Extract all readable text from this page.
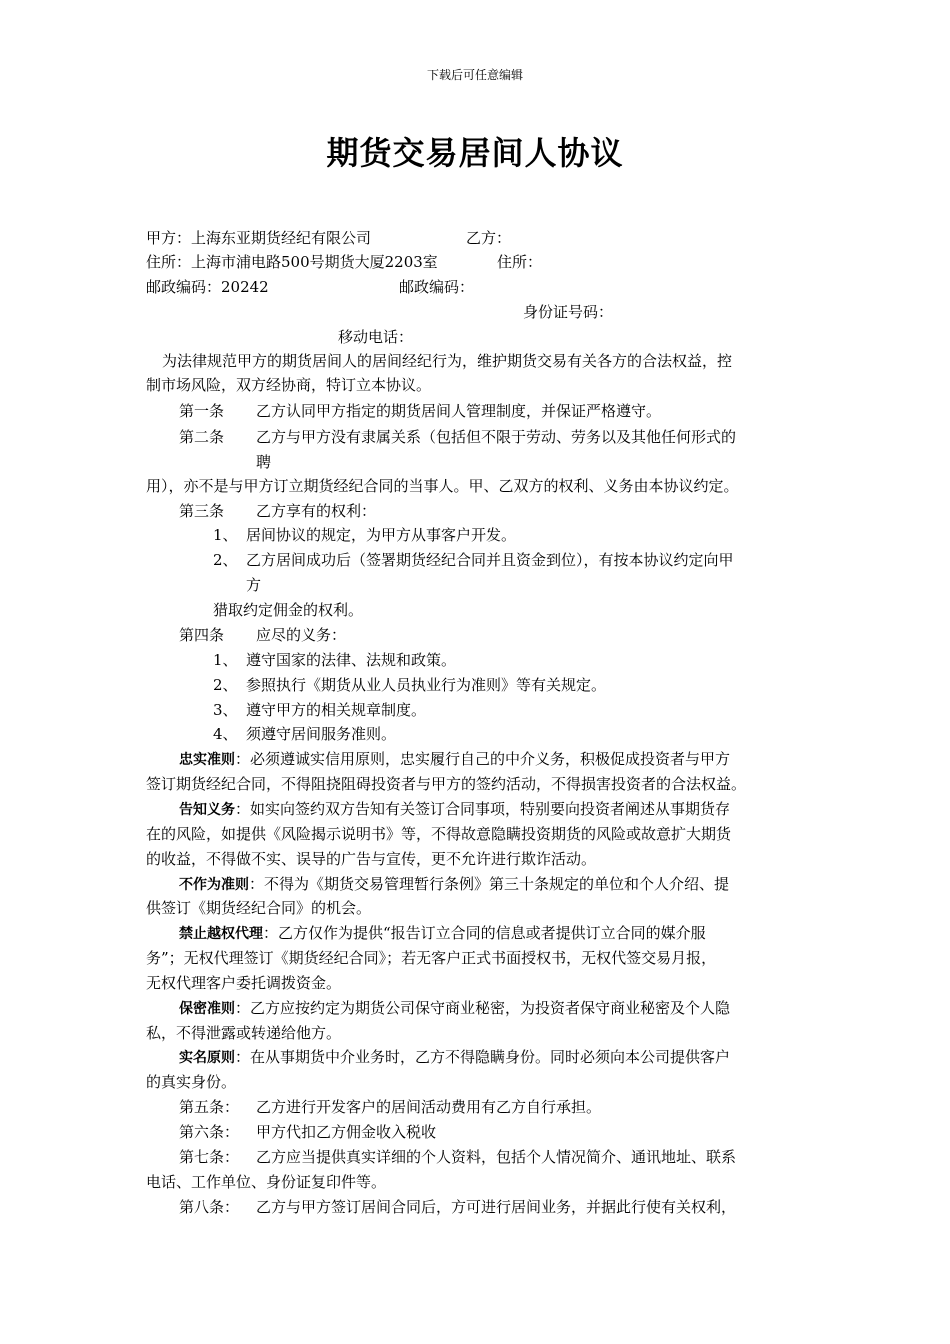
下载后可任意编辑
期货交易居间人协议
甲方：上海东亚期货经纪有限公司	乙方：
住所：上海市浦电路500号期货大厦2203室	住所：
邮政编码：20242	邮政编码：
身份证号码：
移动电话：
为法律规范甲方的期货居间人的居间经纪行为，维护期货交易有关各方的合法权益，控
制市场风险，双方经协商，特订立本协议。
第一条 乙方认同甲方指定的期货居间人管理制度，并保证严格遵守。
第二条 乙方与甲方没有隶属关系（包括但不限于劳动、劳务以及其他任何形式的
聘
用），亦不是与甲方订立期货经纪合同的当事人。甲、乙双方的权利、义务由本协议约定。
第三条 乙方享有的权利：
1、 居间协议的规定，为甲方从事客户开发。
2、 乙方居间成功后（签署期货经纪合同并且资金到位），有按本协议约定向甲
方
猎取约定佣金的权利。
第四条 应尽的义务：
1、 遵守国家的法律、法规和政策。
2、 参照执行《期货从业人员执业行为准则》等有关规定。
3、 遵守甲方的相关规章制度。
4、 须遵守居间服务准则。
忠实准则：必须遵诚实信用原则，忠实履行自己的中介义务，积极促成投资者与甲方
签订期货经纪合同，不得阻挠阻碍投资者与甲方的签约活动，不得损害投资者的合法权益。
告知义务：如实向签约双方告知有关签订合同事项，特别要向投资者阐述从事期货存
在的风险，如提供《风险揭示说明书》等，不得故意隐瞒投资期货的风险或故意扩大期货
的收益，不得做不实、误导的广告与宣传，更不允许进行欺诈活动。
不作为准则：不得为《期货交易管理暂行条例》第三十条规定的单位和个人介绍、提
供签订《期货经纪合同》的机会。
禁止越权代理：乙方仅作为提供“报告订立合同的信息或者提供订立合同的媒介服
务”；无权代理签订《期货经纪合同》；若无客户正式书面授权书，无权代签交易月报，
无权代理客户委托调拨资金。
保密准则：乙方应按约定为期货公司保守商业秘密，为投资者保守商业秘密及个人隐
私，不得泄露或转递给他方。
实名原则：在从事期货中介业务时，乙方不得隐瞒身份。同时必须向本公司提供客户
的真实身份。
第五条： 乙方进行开发客户的居间活动费用有乙方自行承担。
第六条： 甲方代扣乙方佣金收入税收
第七条： 乙方应当提供真实详细的个人资料，包括个人情况简介、通讯地址、联系
电话、工作单位、身份证复印件等。
第八条： 乙方与甲方签订居间合同后，方可进行居间业务，并据此行使有关权利，
